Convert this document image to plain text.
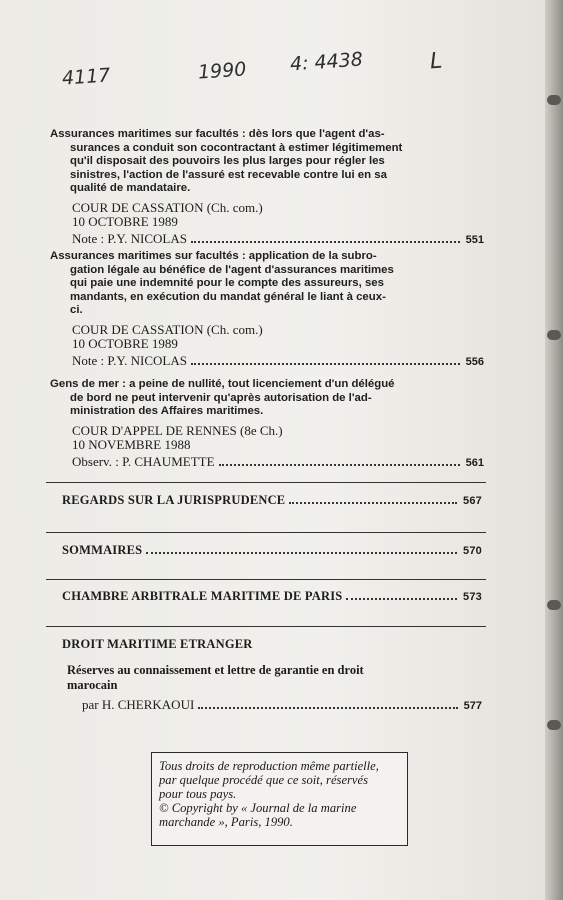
4117	1990 4: 4438	L
Assurances maritimes sur facultés : dès lors que l'agent d'as-
surances a conduit son cocontractant à estimer légitimement
qu'il disposait des pouvoirs les plus larges pour régler les
sinistres, l'action de l'assuré est recevable contre lui en sa
qualité de mandataire.
COUR DE CASSATION (Ch. com.)
10 OCTOBRE 1989
Note : P.Y. NICOLAS	551
Assurances maritimes sur facultés : application de la subro-
gation légale au bénéfice de l'agent d'assurances maritimes
qui paie une indemnité pour le compte des assureurs, ses
mandants, en exécution du mandat général le liant à ceux-
ci.
COUR DE CASSATION (Ch. com.)
10 OCTOBRE 1989
Note : P.Y. NICOLAS	556
Gens de mer : a peine de nullité, tout licenciement d'un délégué
de bord ne peut intervenir qu'après autorisation de l'ad-
ministration des Affaires maritimes.
COUR D'APPEL DE RENNES (8e Ch.)
10 NOVEMBRE 1988
Observ. : P. CHAUMETTE	561
REGARDS SUR LA JURISPRUDENCE	567
SOMMAIRES	570
CHAMBRE ARBITRALE MARITIME DE PARIS	573
DROIT MARITIME ETRANGER
Réserves au connaissement et lettre de garantie en droit
marocain
par H. CHERKAOUI	577
Tous droits de reproduction même partielle,
par quelque procédé que ce soit, réservés
pour tous pays.
© Copyright by « Journal de la marine
marchande », Paris, 1990.
